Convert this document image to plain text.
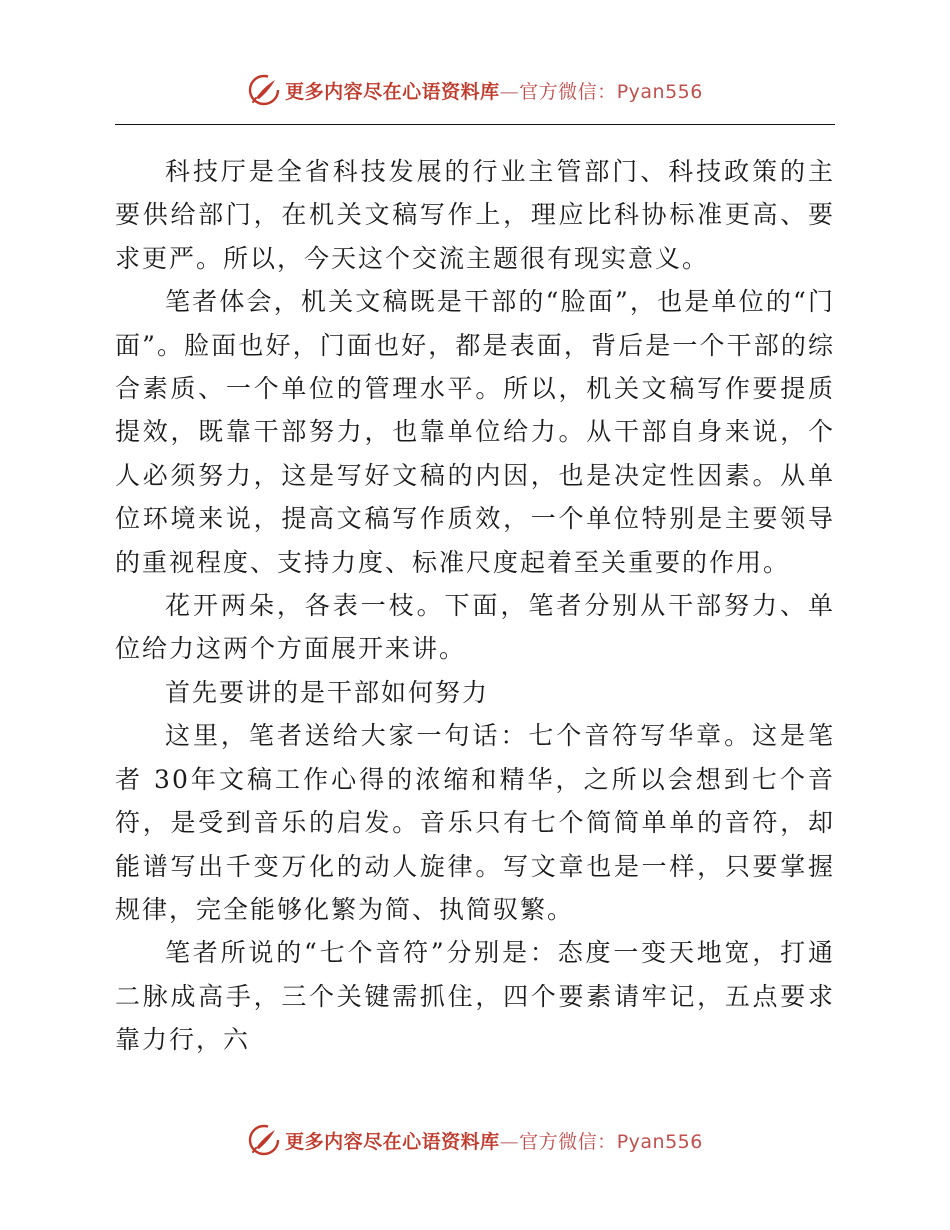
更多内容尽在心语资料库—官方微信：Pyan556

科技厅是全省科技发展的行业主管部门、科技政策的主要供给部门，在机关文稿写作上，理应比科协标准更高、要求更严。所以，今天这个交流主题很有现实意义。

笔者体会，机关文稿既是干部的“脸面”，也是单位的“门面”。脸面也好，门面也好，都是表面，背后是一个干部的综合素质、一个单位的管理水平。所以，机关文稿写作要提质提效，既靠干部努力，也靠单位给力。从干部自身来说，个人必须努力，这是写好文稿的内因，也是决定性因素。从单位环境来说，提高文稿写作质效，一个单位特别是主要领导的重视程度、支持力度、标准尺度起着至关重要的作用。

花开两朵，各表一枝。下面，笔者分别从干部努力、单位给力这两个方面展开来讲。

首先要讲的是干部如何努力

这里，笔者送给大家一句话：七个音符写华章。这是笔者 30年文稿工作心得的浓缩和精华，之所以会想到七个音符，是受到音乐的启发。音乐只有七个简简单单的音符，却能谱写出千变万化的动人旋律。写文章也是一样，只要掌握规律，完全能够化繁为简、执简驭繁。

笔者所说的“七个音符”分别是：态度一变天地宽，打通二脉成高手，三个关键需抓住，四个要素请牢记，五点要求靠力行，六

更多内容尽在心语资料库—官方微信：Pyan556
